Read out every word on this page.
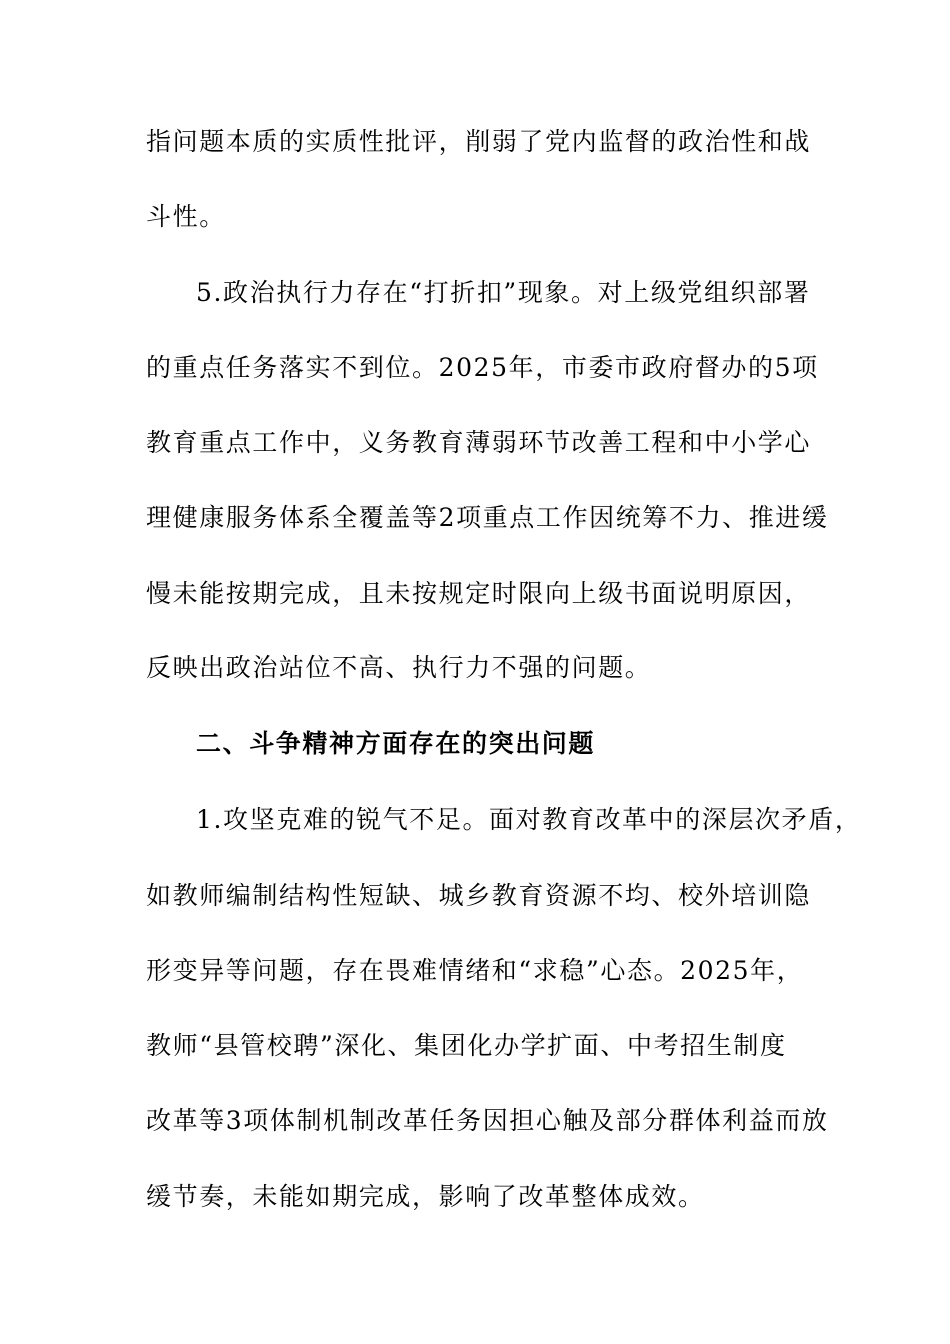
指问题本质的实质性批评，削弱了党内监督的政治性和战
斗性。
5.政治执行力存在“打折扣”现象。对上级党组织部署
的重点任务落实不到位。2025年，市委市政府督办的5项
教育重点工作中，义务教育薄弱环节改善工程和中小学心
理健康服务体系全覆盖等2项重点工作因统筹不力、推进缓
慢未能按期完成，且未按规定时限向上级书面说明原因，
反映出政治站位不高、执行力不强的问题。
二、斗争精神方面存在的突出问题
1.攻坚克难的锐气不足。面对教育改革中的深层次矛盾，
如教师编制结构性短缺、城乡教育资源不均、校外培训隐
形变异等问题，存在畏难情绪和“求稳”心态。2025年，
教师“县管校聘”深化、集团化办学扩面、中考招生制度
改革等3项体制机制改革任务因担心触及部分群体利益而放
缓节奏，未能如期完成，影响了改革整体成效。
